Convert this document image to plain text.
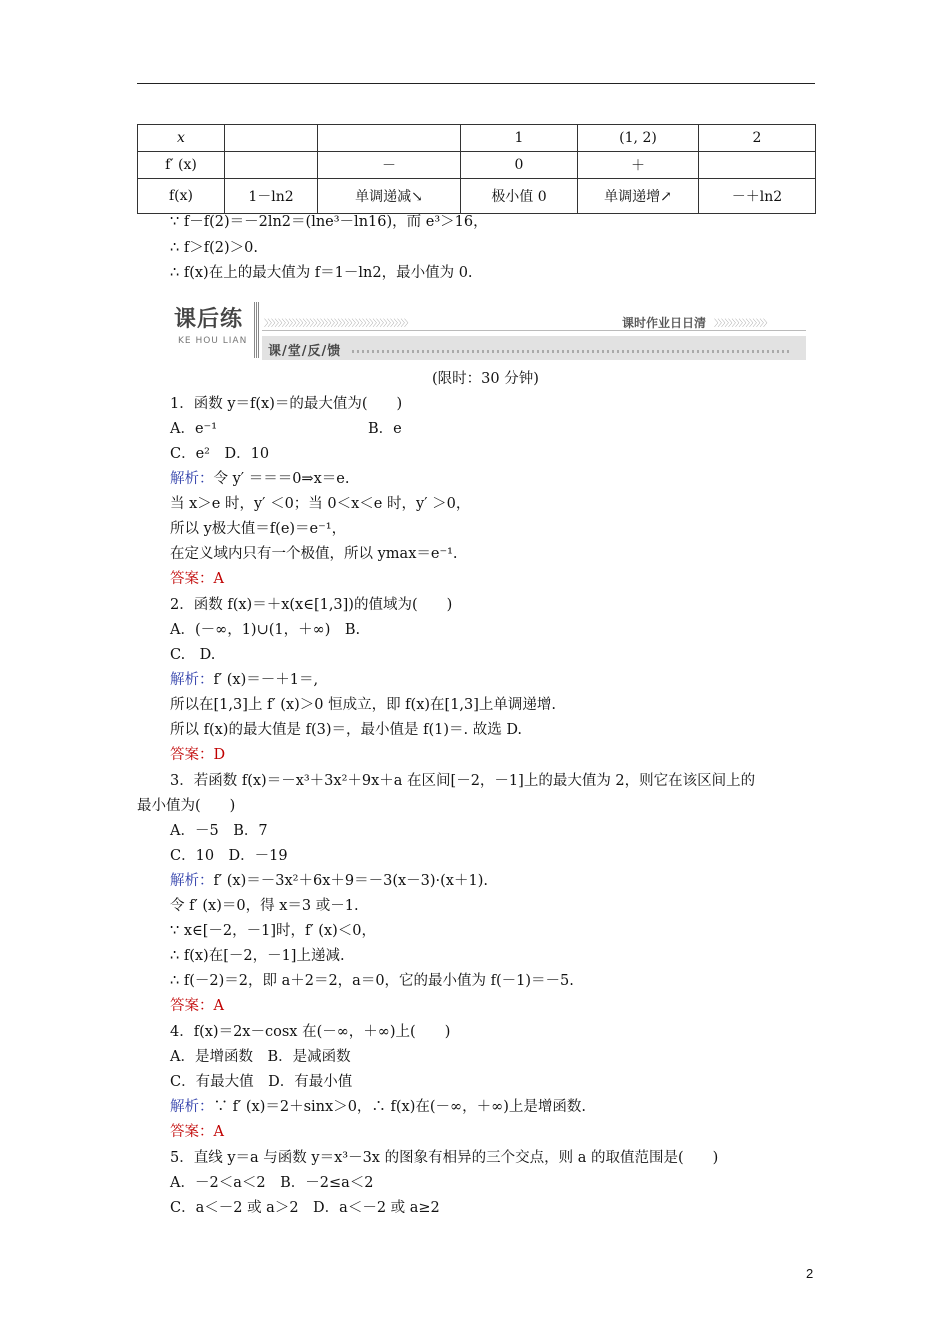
x			1	(1, 2)	2
f′ (x)		－	0	＋	
f(x)	1－ln2	单调递减↘	极小值 0	单调递增↗	－＋ln2
∵ f－f(2)＝－2ln2＝(lne³－ln16)，而 e³＞16，
∴ f＞f(2)＞0.
∴ f(x)在上的最大值为 f＝1－ln2，最小值为 0.
课后练
KE HOU LIAN
〉〉〉〉〉〉〉〉〉〉〉〉〉〉〉〉〉〉〉〉〉〉〉〉〉〉〉〉〉〉〉〉〉〉〉〉〉〉〉〉〉	课时作业日日清 〉〉〉〉〉〉〉〉〉〉〉〉〉〉〉
课/堂/反/馈
(限时：30 分钟)
1．函数 y＝f(x)＝的最大值为(　　)
A．e⁻¹	B．e
C．e²　D．10
解析：令 y′ ＝＝＝0⇒x＝e.
当 x＞e 时，y′ ＜0；当 0＜x＜e 时，y′ ＞0，
所以 y极大值＝f(e)＝e⁻¹，
在定义域内只有一个极值，所以 ymax＝e⁻¹.
答案：A
2．函数 f(x)＝＋x(x∈[1,3])的值域为(　　)
A．(－∞，1)∪(1，＋∞)　B.
C.　D.
解析：f′ (x)＝－＋1＝,
所以在[1,3]上 f′ (x)＞0 恒成立，即 f(x)在[1,3]上单调递增.
所以 f(x)的最大值是 f(3)＝，最小值是 f(1)＝. 故选 D.
答案：D
3．若函数 f(x)＝－x³＋3x²＋9x＋a 在区间[－2，－1]上的最大值为 2，则它在该区间上的
最小值为(　　)
A．－5　B．7
C．10　D．－19
解析：f′ (x)＝－3x²＋6x＋9＝－3(x－3)·(x＋1).
令 f′ (x)＝0，得 x＝3 或－1.
∵ x∈[－2，－1]时，f′ (x)＜0，
∴ f(x)在[－2，－1]上递减.
∴ f(－2)＝2，即 a＋2＝2，a＝0，它的最小值为 f(－1)＝－5.
答案：A
4．f(x)＝2x－cosx 在(－∞，＋∞)上(　　)
A．是增函数　B．是减函数
C．有最大值　D．有最小值
解析：∵ f′ (x)＝2＋sinx＞0，∴ f(x)在(－∞，＋∞)上是增函数.
答案：A
5．直线 y＝a 与函数 y＝x³－3x 的图象有相异的三个交点，则 a 的取值范围是(　　)
A．－2＜a＜2　B．－2≤a＜2
C．a＜－2 或 a＞2　D．a＜－2 或 a≥2
2
